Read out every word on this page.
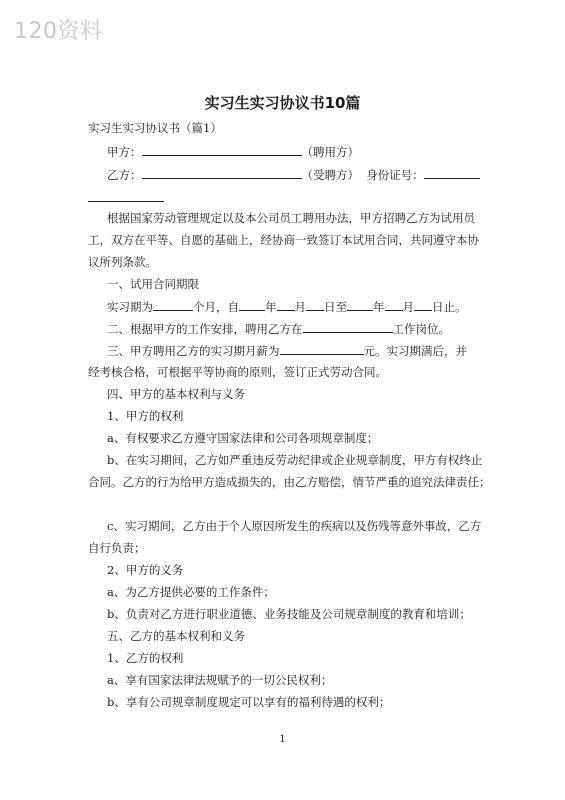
120资料
实习生实习协议书10篇
实习生实习协议书（篇1）
甲方：	（聘用方）
乙方：	（受聘方） 身份证号：
根据国家劳动管理规定以及本公司员工聘用办法，甲方招聘乙方为试用员
工，双方在平等、自愿的基础上，经协商一致签订本试用合同，共同遵守本协
议所列条款。
一、试用合同期限
实习期为	个月，自 年 月 日至 年 月 日止。
二、根据甲方的工作安排，聘用乙方在	工作岗位。
三、甲方聘用乙方的实习期月薪为	元。实习期满后，并
经考核合格，可根据平等协商的原则，签订正式劳动合同。
四、甲方的基本权利与义务
1、甲方的权利
a、有权要求乙方遵守国家法律和公司各项规章制度；
b、在实习期间，乙方如严重违反劳动纪律或企业规章制度，甲方有权终止
合同。乙方的行为给甲方造成损失的，由乙方赔偿，情节严重的追究法律责任；
c、实习期间，乙方由于个人原因所发生的疾病以及伤残等意外事故，乙方
自行负责；
2、甲方的义务
a、为乙方提供必要的工作条件；
b、负责对乙方进行职业道德、业务技能及公司规章制度的教育和培训；
五、乙方的基本权利和义务
1、乙方的权利
a、享有国家法律法规赋予的一切公民权利；
b、享有公司规章制度规定可以享有的福利待遇的权利；
1
